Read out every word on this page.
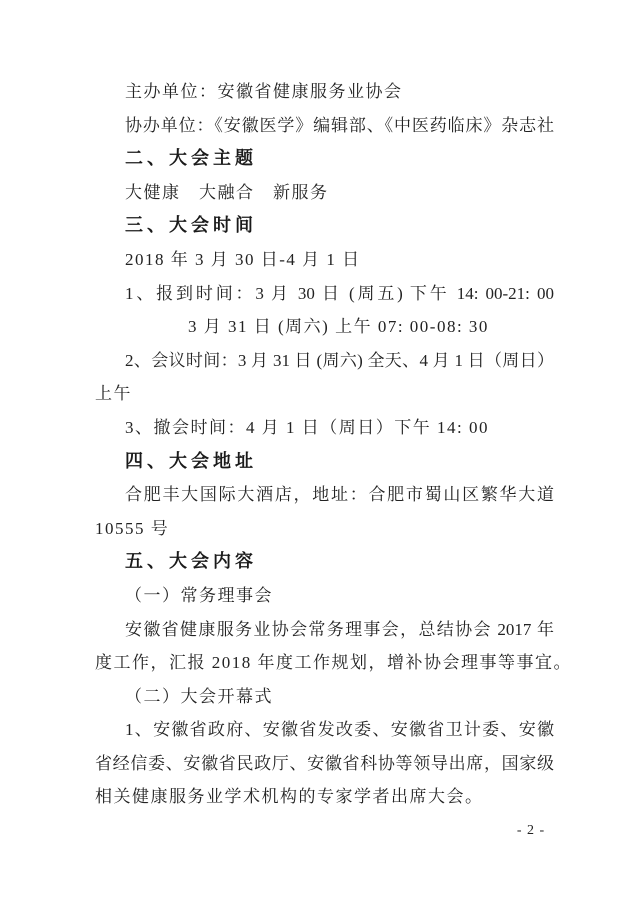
主办单位：安徽省健康服务业协会
协办单位：《安徽医学》编辑部、《中医药临床》杂志社
二、大会主题
大健康　大融合　新服务
三、大会时间
2018 年 3 月 30 日-4 月 1 日
1、报到时间：3 月 30 日 (周五) 下午 14: 00-21: 00
3 月 31 日 (周六) 上午 07: 00-08: 30
2、会议时间：3 月 31 日 (周六) 全天、4 月 1 日（周日）
上午
3、撤会时间：4 月 1 日（周日）下午 14: 00
四、大会地址
合肥丰大国际大酒店，地址：合肥市蜀山区繁华大道
10555 号
五、大会内容
（一）常务理事会
安徽省健康服务业协会常务理事会，总结协会 2017 年
度工作，汇报 2018 年度工作规划，增补协会理事等事宜。
（二）大会开幕式
1、安徽省政府、安徽省发改委、安徽省卫计委、安徽
省经信委、安徽省民政厅、安徽省科协等领导出席，国家级
相关健康服务业学术机构的专家学者出席大会。
- 2 -
